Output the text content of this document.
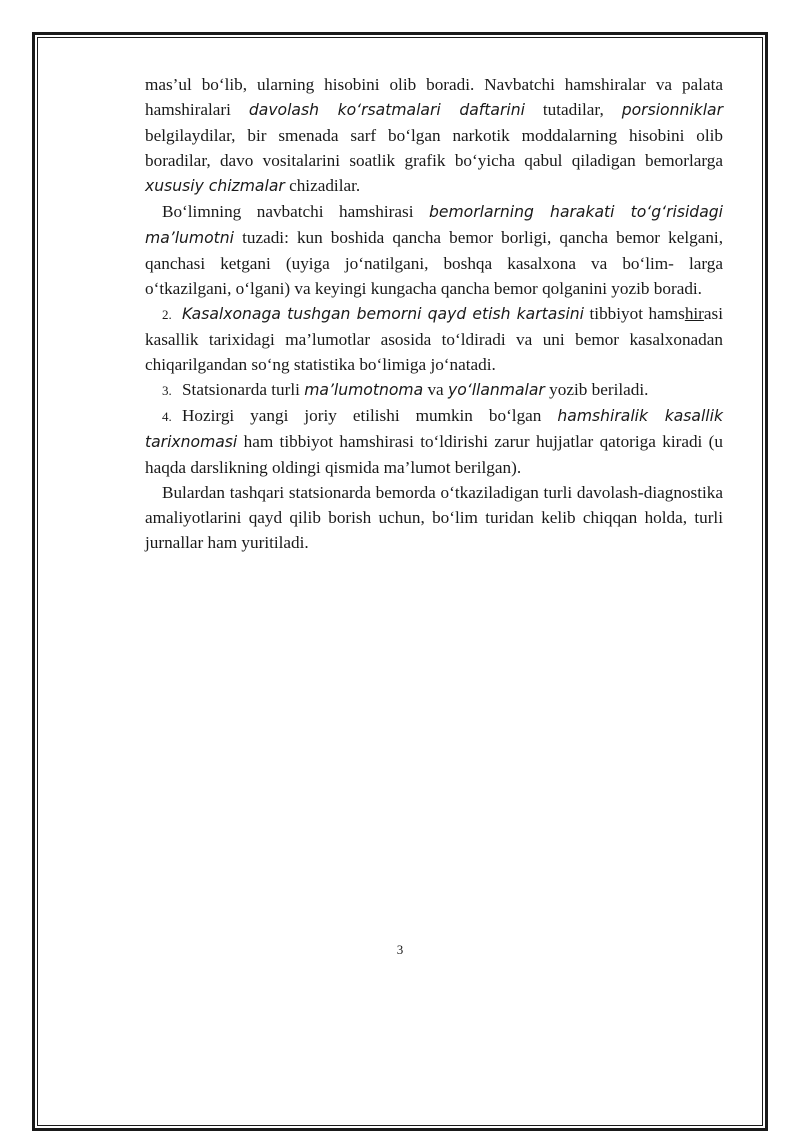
mas’ul bo‘lib, ularning hisobini olib boradi. Navbatchi hamshiralar va palata hamshiralari davolash ko‘rsatmalari daftarini tutadilar, porsionniklar belgilaydilar, bir smenada sarf bo‘lgan narkotik moddalarning hisobini olib boradilar, davo vositalarini soatlik grafik bo‘yicha qabul qiladigan bemorlarga xususiy chizmalar chizadilar.

Bo‘limning navbatchi hamshirasi bemorlarning harakati to‘g‘risidagi ma’lumotni tuzadi: kun boshida qancha bemor borligi, qancha bemor kelgani, qanchasi ketgani (uyiga jo‘natilgani, boshqa kasalxona va bo‘lim- larga o‘tkazilgani, o‘lgani) va keyingi kungacha qancha bemor qolganini yozib boradi.

2. Kasalxonaga tushgan bemorni qayd etish kartasini tibbiyot hamshirasi kasallik tarixidagi ma’lumotlar asosida to‘ldiradi va uni bemor kasalxonadan chiqarilgandan so‘ng statistika bo‘limiga jo‘natadi.

3. Statsionarda turli ma’lumotnoma va yo‘llanmalar yozib beriladi.

4. Hozirgi yangi joriy etilishi mumkin bo‘lgan hamshiralik kasallik tarixnomasi ham tibbiyot hamshirasi to‘ldirishi zarur hujjatlar qatoriga kiradi (u haqda darslikning oldingi qismida ma’lumot berilgan).

Bulardan tashqari statsionarda bemorda o‘tkaziladigan turli davolash-diagnostika amaliyotlarini qayd qilib borish uchun, bo‘lim turidan kelib chiqqan holda, turli jurnallar ham yuritiladi.

3
